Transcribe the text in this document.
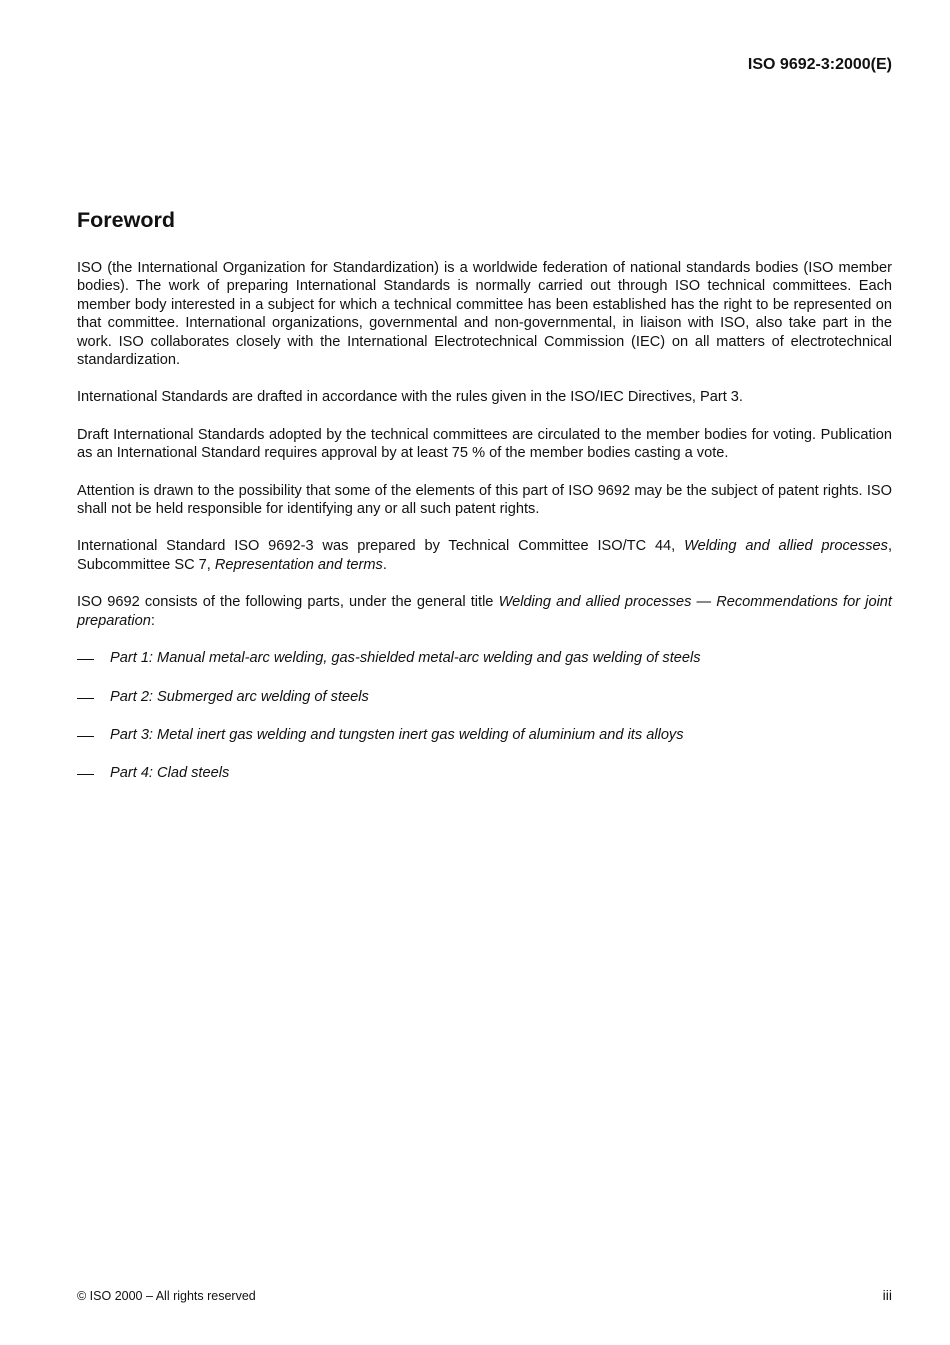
ISO 9692-3:2000(E)
Foreword

ISO (the International Organization for Standardization) is a worldwide federation of national standards bodies (ISO member bodies). The work of preparing International Standards is normally carried out through ISO technical committees. Each member body interested in a subject for which a technical committee has been established has the right to be represented on that committee. International organizations, governmental and non-governmental, in liaison with ISO, also take part in the work. ISO collaborates closely with the International Electrotechnical Commission (IEC) on all matters of electrotechnical standardization.

International Standards are drafted in accordance with the rules given in the ISO/IEC Directives, Part 3.

Draft International Standards adopted by the technical committees are circulated to the member bodies for voting. Publication as an International Standard requires approval by at least 75 % of the member bodies casting a vote.

Attention is drawn to the possibility that some of the elements of this part of ISO 9692 may be the subject of patent rights. ISO shall not be held responsible for identifying any or all such patent rights.

International Standard ISO 9692-3 was prepared by Technical Committee ISO/TC 44, Welding and allied processes, Subcommittee SC 7, Representation and terms.

ISO 9692 consists of the following parts, under the general title Welding and allied processes — Recommendations for joint preparation:

Part 1: Manual metal-arc welding, gas-shielded metal-arc welding and gas welding of steels
Part 2: Submerged arc welding of steels
Part 3: Metal inert gas welding and tungsten inert gas welding of aluminium and its alloys
Part 4: Clad steels
© ISO 2000 – All rights reserved	iii
